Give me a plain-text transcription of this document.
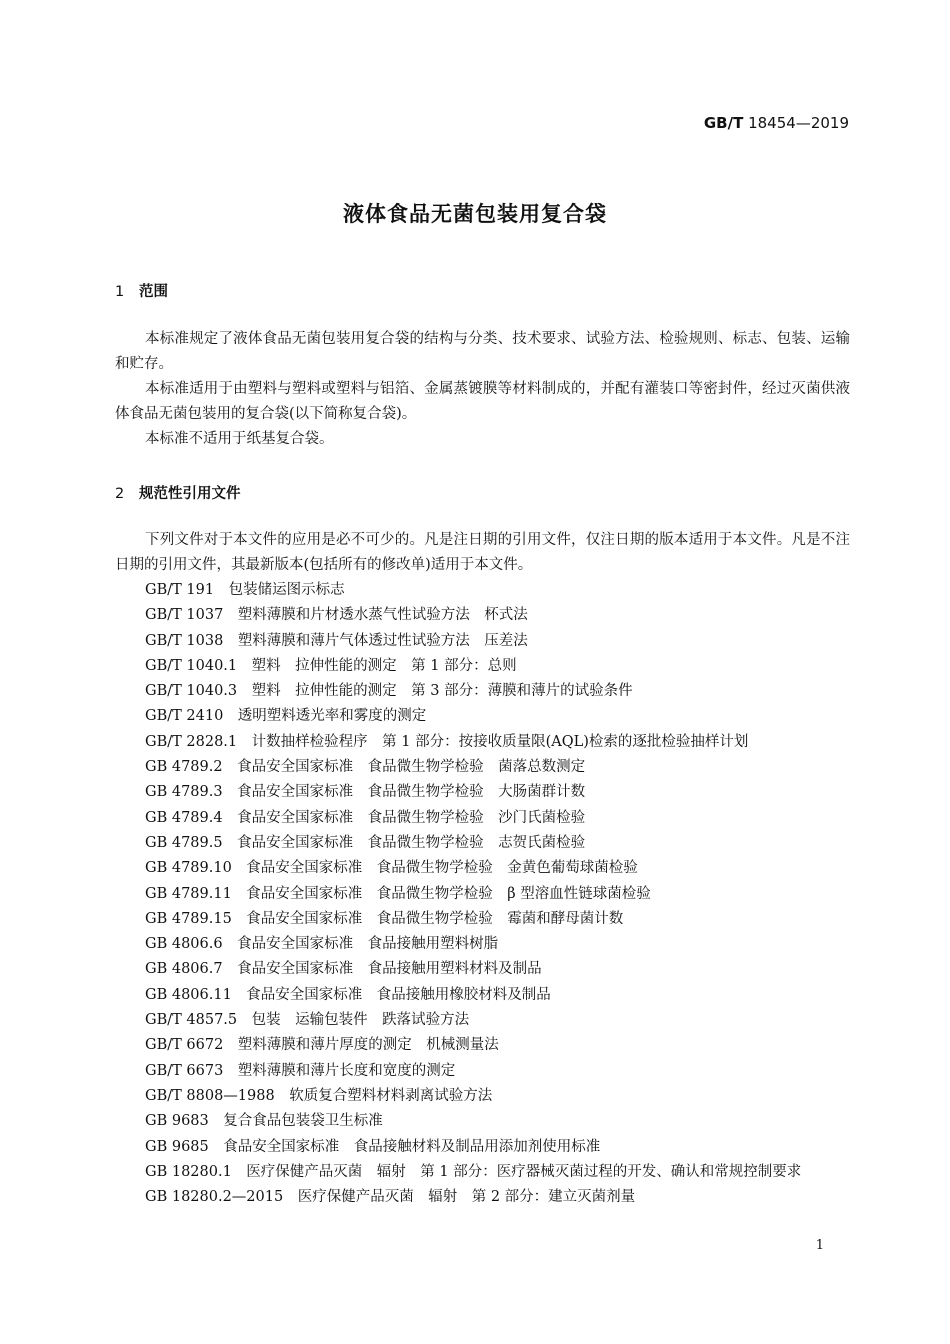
GB/T 18454—2019
液体食品无菌包装用复合袋
1 范围

本标准规定了液体食品无菌包装用复合袋的结构与分类、技术要求、试验方法、检验规则、标志、包装、运输和贮存。

本标准适用于由塑料与塑料或塑料与铝箔、金属蒸镀膜等材料制成的，并配有灌装口等密封件，经过灭菌供液体食品无菌包装用的复合袋(以下简称复合袋)。

本标准不适用于纸基复合袋。

2 规范性引用文件

下列文件对于本文件的应用是必不可少的。凡是注日期的引用文件，仅注日期的版本适用于本文件。凡是不注日期的引用文件，其最新版本(包括所有的修改单)适用于本文件。

GB/T 191　包装储运图示标志
GB/T 1037　塑料薄膜和片材透水蒸气性试验方法　杯式法
GB/T 1038　塑料薄膜和薄片气体透过性试验方法　压差法
GB/T 1040.1　塑料　拉伸性能的测定　第 1 部分：总则
GB/T 1040.3　塑料　拉伸性能的测定　第 3 部分：薄膜和薄片的试验条件
GB/T 2410　透明塑料透光率和雾度的测定
GB/T 2828.1　计数抽样检验程序　第 1 部分：按接收质量限(AQL)检索的逐批检验抽样计划
GB 4789.2　食品安全国家标准　食品微生物学检验　菌落总数测定
GB 4789.3　食品安全国家标准　食品微生物学检验　大肠菌群计数
GB 4789.4　食品安全国家标准　食品微生物学检验　沙门氏菌检验
GB 4789.5　食品安全国家标准　食品微生物学检验　志贺氏菌检验
GB 4789.10　食品安全国家标准　食品微生物学检验　金黄色葡萄球菌检验
GB 4789.11　食品安全国家标准　食品微生物学检验　β 型溶血性链球菌检验
GB 4789.15　食品安全国家标准　食品微生物学检验　霉菌和酵母菌计数
GB 4806.6　食品安全国家标准　食品接触用塑料树脂
GB 4806.7　食品安全国家标准　食品接触用塑料材料及制品
GB 4806.11　食品安全国家标准　食品接触用橡胶材料及制品
GB/T 4857.5　包装　运输包装件　跌落试验方法
GB/T 6672　塑料薄膜和薄片厚度的测定　机械测量法
GB/T 6673　塑料薄膜和薄片长度和宽度的测定
GB/T 8808—1988　软质复合塑料材料剥离试验方法
GB 9683　复合食品包装袋卫生标准
GB 9685　食品安全国家标准　食品接触材料及制品用添加剂使用标准
GB 18280.1　医疗保健产品灭菌　辐射　第 1 部分：医疗器械灭菌过程的开发、确认和常规控制要求
GB 18280.2—2015　医疗保健产品灭菌　辐射　第 2 部分：建立灭菌剂量
1
